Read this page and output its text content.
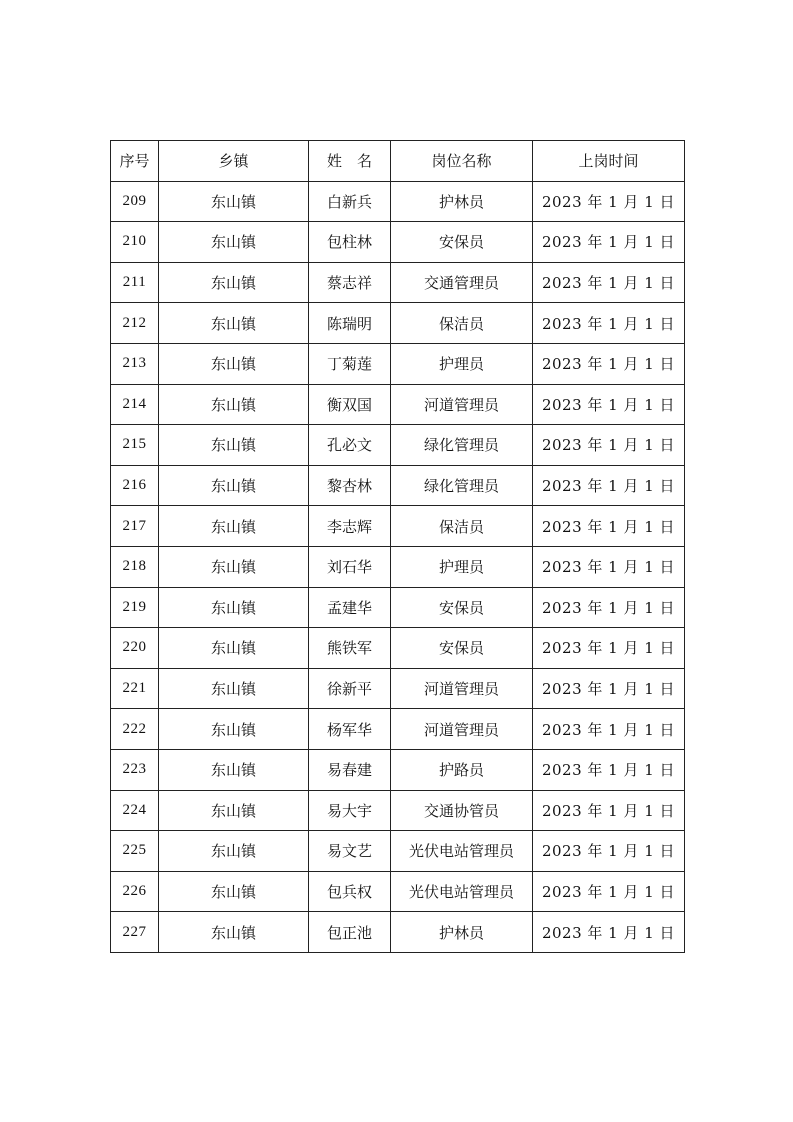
序号	乡镇	姓　名	岗位名称	上岗时间
209	东山镇	白新兵	护林员	2023 年 1 月 1 日
210	东山镇	包柱林	安保员	2023 年 1 月 1 日
211	东山镇	蔡志祥	交通管理员	2023 年 1 月 1 日
212	东山镇	陈瑞明	保洁员	2023 年 1 月 1 日
213	东山镇	丁菊莲	护理员	2023 年 1 月 1 日
214	东山镇	衡双国	河道管理员	2023 年 1 月 1 日
215	东山镇	孔必文	绿化管理员	2023 年 1 月 1 日
216	东山镇	黎杏林	绿化管理员	2023 年 1 月 1 日
217	东山镇	李志辉	保洁员	2023 年 1 月 1 日
218	东山镇	刘石华	护理员	2023 年 1 月 1 日
219	东山镇	孟建华	安保员	2023 年 1 月 1 日
220	东山镇	熊铁军	安保员	2023 年 1 月 1 日
221	东山镇	徐新平	河道管理员	2023 年 1 月 1 日
222	东山镇	杨军华	河道管理员	2023 年 1 月 1 日
223	东山镇	易春建	护路员	2023 年 1 月 1 日
224	东山镇	易大宇	交通协管员	2023 年 1 月 1 日
225	东山镇	易文艺	光伏电站管理员	2023 年 1 月 1 日
226	东山镇	包兵权	光伏电站管理员	2023 年 1 月 1 日
227	东山镇	包正池	护林员	2023 年 1 月 1 日
